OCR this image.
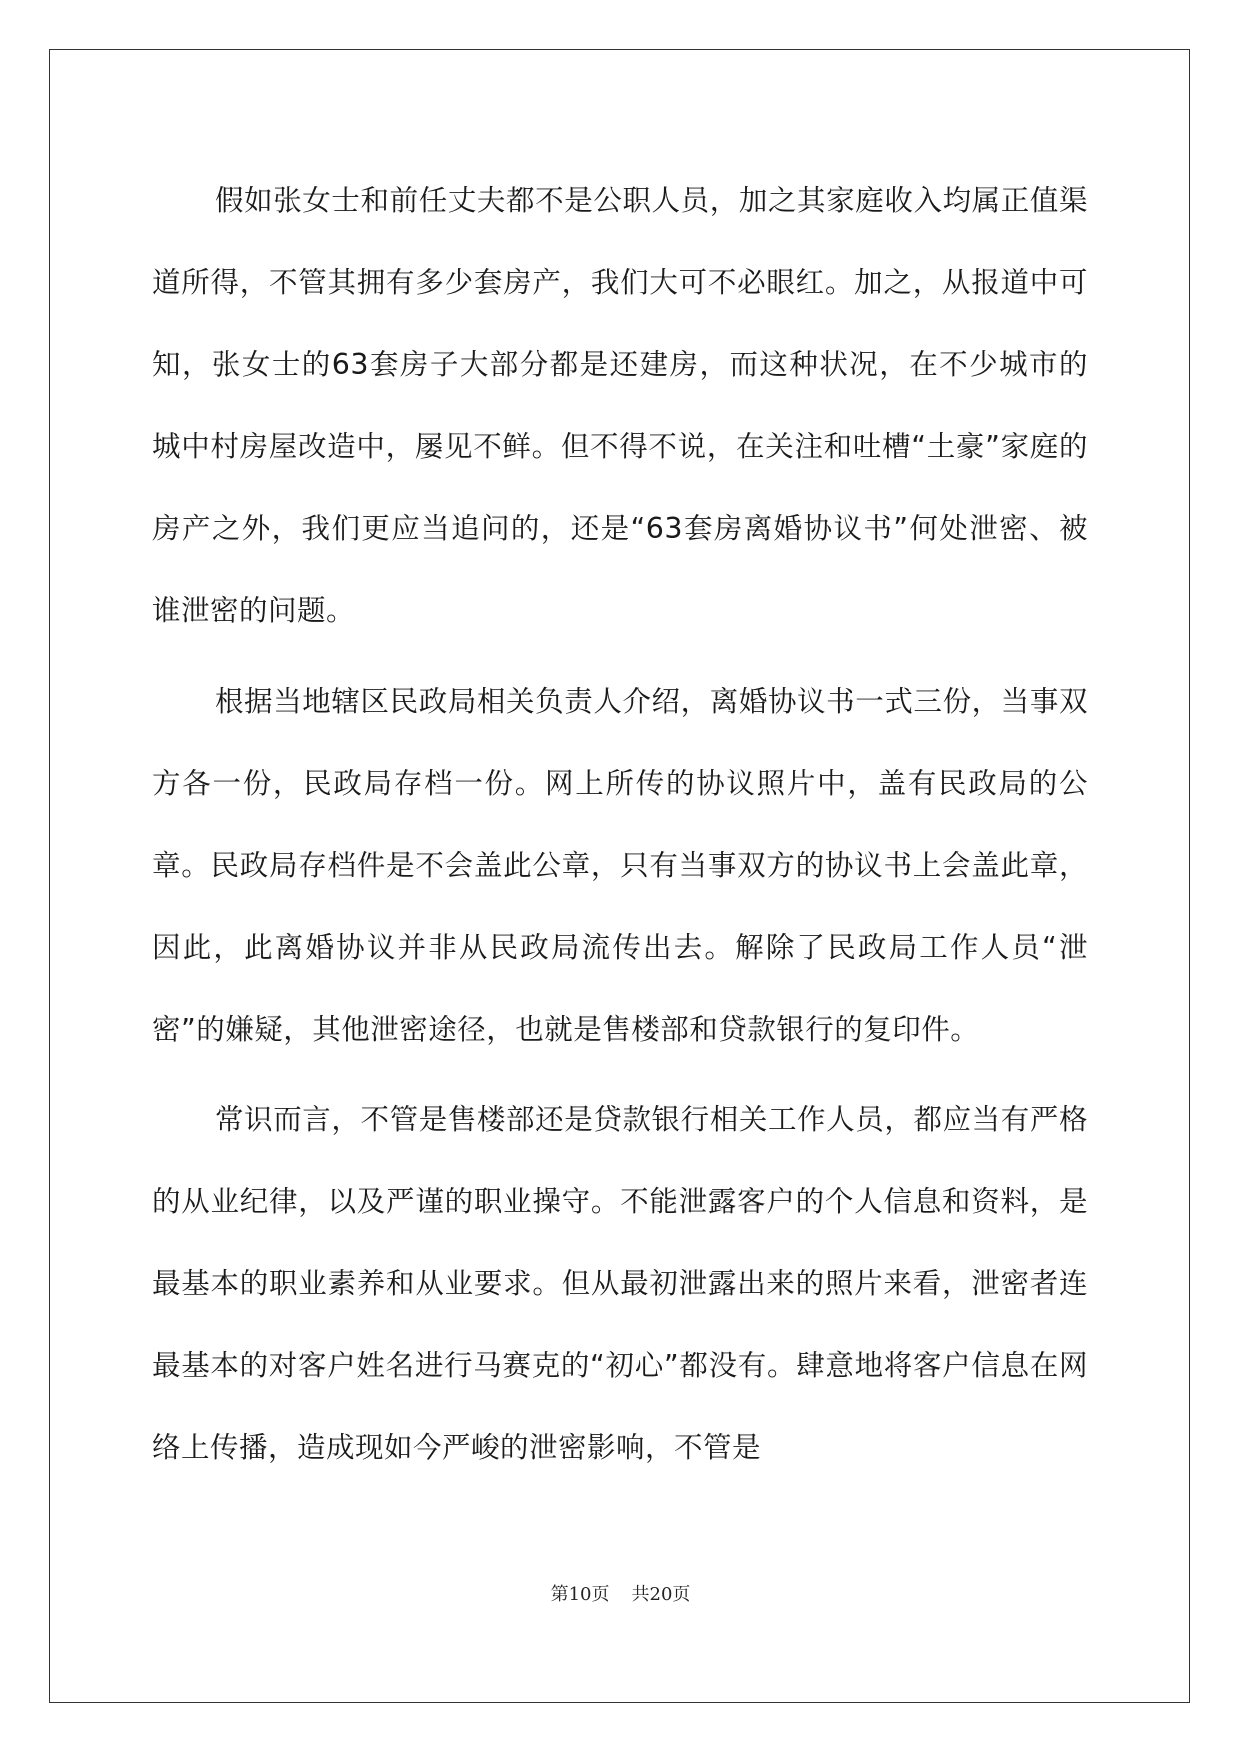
假如张女士和前任丈夫都不是公职人员，加之其家庭收入均属正值渠道所得，不管其拥有多少套房产，我们大可不必眼红。加之，从报道中可知，张女士的63套房子大部分都是还建房，而这种状况，在不少城市的城中村房屋改造中，屡见不鲜。但不得不说，在关注和吐槽“土豪”家庭的房产之外，我们更应当追问的，还是“63套房离婚协议书”何处泄密、被谁泄密的问题。

根据当地辖区民政局相关负责人介绍，离婚协议书一式三份，当事双方各一份，民政局存档一份。网上所传的协议照片中，盖有民政局的公章。民政局存档件是不会盖此公章，只有当事双方的协议书上会盖此章，因此，此离婚协议并非从民政局流传出去。解除了民政局工作人员“泄密”的嫌疑，其他泄密途径，也就是售楼部和贷款银行的复印件。

常识而言，不管是售楼部还是贷款银行相关工作人员，都应当有严格的从业纪律，以及严谨的职业操守。不能泄露客户的个人信息和资料，是最基本的职业素养和从业要求。但从最初泄露出来的照片来看，泄密者连最基本的对客户姓名进行马赛克的“初心”都没有。肆意地将客户信息在网络上传播，造成现如今严峻的泄密影响，不管是

第10页 共20页
